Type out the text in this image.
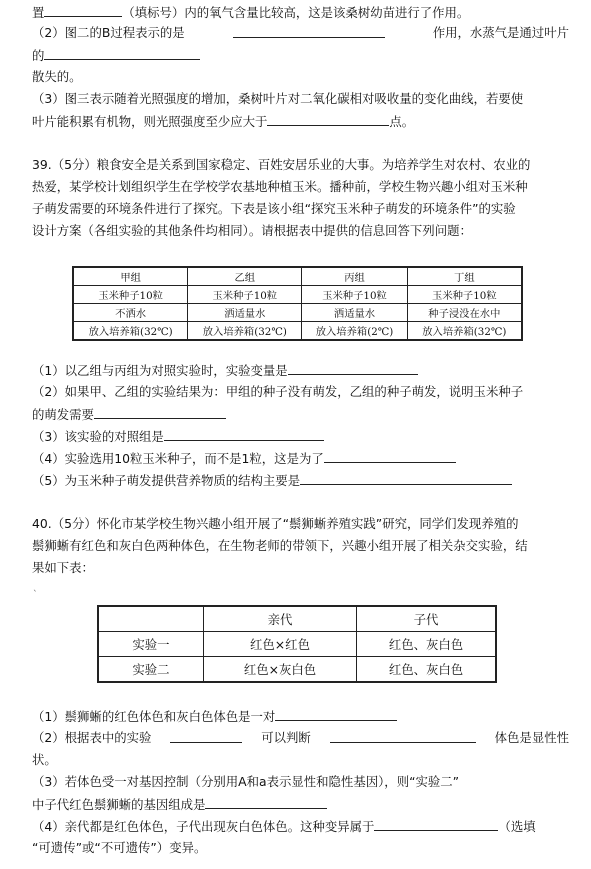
置	（填标号）内的氧气含量比较高，这是该桑树幼苗进行了作用。
（2）图二的B过程表示的是	作用，水蒸气是通过叶片
的
散失的。
（3）图三表示随着光照强度的增加，桑树叶片对二氧化碳相对吸收量的变化曲线，若要使
叶片能积累有机物，则光照强度至少应大于	点。
39.（5分）粮食安全是关系到国家稳定、百姓安居乐业的大事。为培养学生对农村、农业的
热爱，某学校计划组织学生在学校学农基地种植玉米。播种前，学校生物兴趣小组对玉米种
子萌发需要的环境条件进行了探究。下表是该小组“探究玉米种子萌发的环境条件”的实验
设计方案（各组实验的其他条件均相同）。请根据表中提供的信息回答下列问题：
甲组	乙组	丙组	丁组
玉米种子10粒	玉米种子10粒	玉米种子10粒	玉米种子10粒
不洒水	洒适量水	洒适量水	种子浸没在水中
放入培养箱(32℃)	放入培养箱(32℃)	放入培养箱(2℃)	放入培养箱(32℃)
（1）以乙组与丙组为对照实验时，实验变量是
（2）如果甲、乙组的实验结果为：甲组的种子没有萌发，乙组的种子萌发，说明玉米种子
的萌发需要
（3）该实验的对照组是
（4）实验选用10粒玉米种子，而不是1粒，这是为了
（5）为玉米种子萌发提供营养物质的结构主要是
40.（5分）怀化市某学校生物兴趣小组开展了“鬃狮蜥养殖实践”研究，同学们发现养殖的
鬃狮蜥有红色和灰白色两种体色，在生物老师的带领下，兴趣小组开展了相关杂交实验，结
果如下表：
`
	亲代	子代
实验一	红色×红色	红色、灰白色
实验二	红色×灰白色	红色、灰白色
（1）鬃狮蜥的红色体色和灰白色体色是一对
（2）根据表中的实验	可以判断	体色是显性性
状。
（3）若体色受一对基因控制（分别用A和a表示显性和隐性基因），则“实验二”
中子代红色鬃狮蜥的基因组成是
（4）亲代都是红色体色，子代出现灰白色体色。这种变异属于	（选填
“可遗传”或“不可遗传”）变异。
